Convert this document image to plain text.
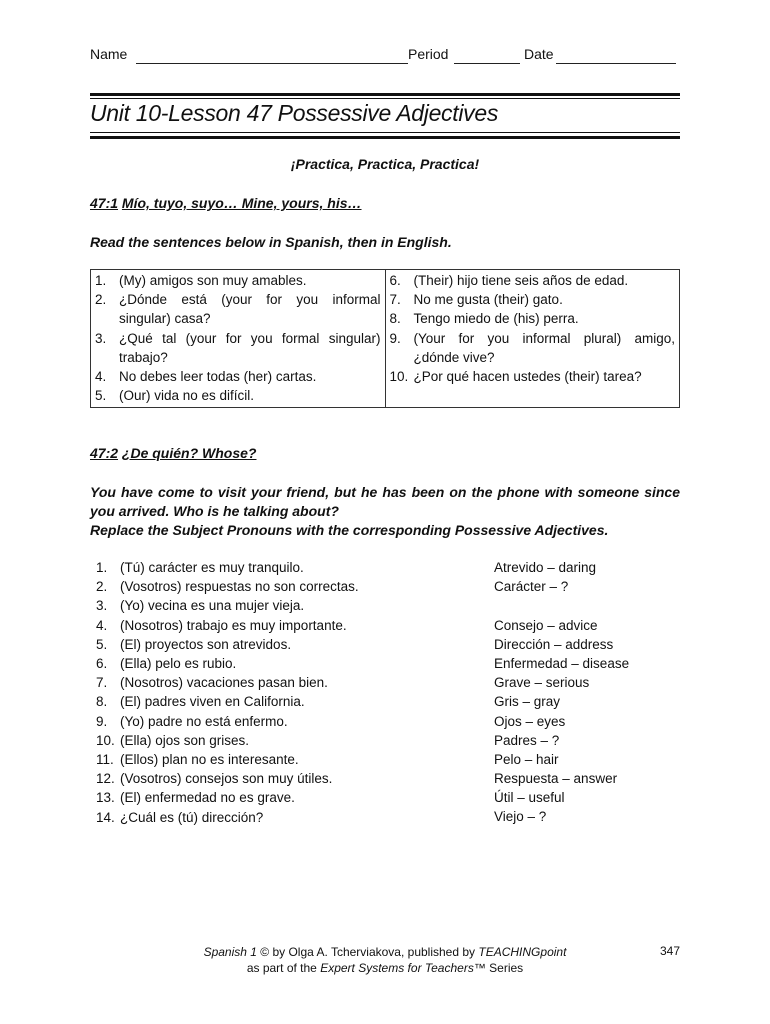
Name	Period	Date
Unit 10-Lesson 47 Possessive Adjectives
¡Practica, Practica, Practica!
47:1 Mío, tuyo, suyo… Mine, yours, his…
Read the sentences below in Spanish, then in English.
1. (My) amigos son muy amables.
2. ¿Dónde está (your for you informal singular) casa?
3. ¿Qué tal (your for you formal singular) trabajo?
4. No debes leer todas (her) cartas.
5. (Our) vida no es difícil.

6. (Their) hijo tiene seis años de edad.
7. No me gusta (their) gato.
8. Tengo miedo de (his) perra.
9. (Your for you informal plural) amigo, ¿dónde vive?
10. ¿Por qué hacen ustedes (their) tarea?
47:2 ¿De quién? Whose?
You have come to visit your friend, but he has been on the phone with someone since you arrived. Who is he talking about?
Replace the Subject Pronouns with the corresponding Possessive Adjectives.
1. (Tú) carácter es muy tranquilo.
2. (Vosotros) respuestas no son correctas.
3. (Yo) vecina es una mujer vieja.
4. (Nosotros) trabajo es muy importante.
5. (El) proyectos son atrevidos.
6. (Ella) pelo es rubio.
7. (Nosotros) vacaciones pasan bien.
8. (El) padres viven en California.
9. (Yo) padre no está enfermo.
10. (Ella) ojos son grises.
11. (Ellos) plan no es interesante.
12. (Vosotros) consejos son muy útiles.
13. (El) enfermedad no es grave.
14. ¿Cuál es (tú) dirección?
Atrevido – daring
Carácter – ?
Consejo – advice
Dirección – address
Enfermedad – disease
Grave – serious
Gris – gray
Ojos – eyes
Padres – ?
Pelo – hair
Respuesta – answer
Útil – useful
Viejo – ?
Spanish 1 © by Olga A. Tcherviakova, published by TEACHINGpoint
as part of the Expert Systems for Teachers™ Series
347
